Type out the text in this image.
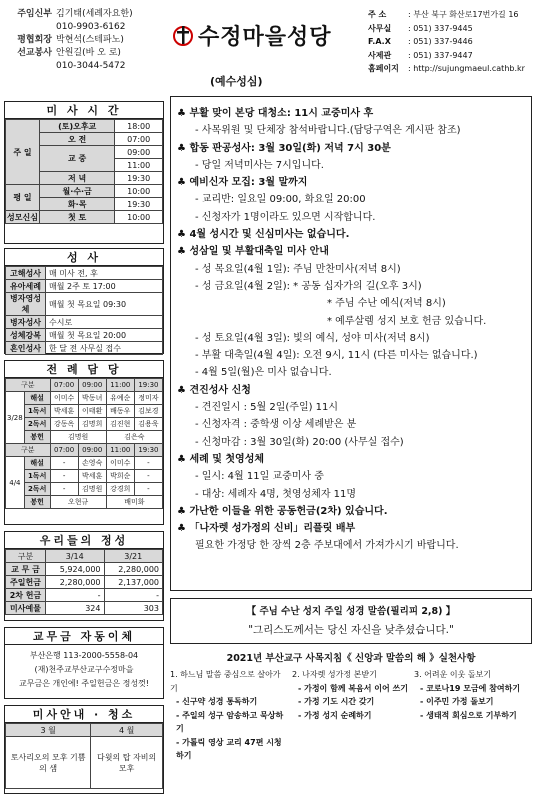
주임신부 김기태(세례자요한)
010-9903-6162
평협회장 박현석(스테파노)
선교봉사 안원길(바 오 로)
010-3044-5472
수정마을성당
(예수성심)
주 소	: 부산 북구 화산로17번가길 16
사무실	: 051) 337-9445
F.A.X	: 051) 337-9446
사제관	: 051) 337-9447
홈페이지	: http://sujungmaeul.cathb.kr
미 사 시 간
주 일	(토)오후교	18:00
	오 전	07:00
	교 중	09:00
		11:00
	저 녁	19:30
평 일	월·수·금	10:00
	화·목	19:30
성모신심	첫 토	10:00
성 사
고해성사	매 미사 전, 후
유아세례	매월 2주 토 17:00
병자영성체	매월 첫 목요일 09:30
병자성사	수시로
성체강복	매월 첫 목요일 20:00
혼인성사	한 달 전 사무실 접수
전 례 담 당
구분		07:00	09:00	11:00	19:30
3/28	해설	이미수	박동녀	유예순	정미자
	1독서	박세훈	이태환	배동우	김보경
	2독서	강동옥	김명희	김진현	김용욱
	봉헌	김명원		김은숙	
구분		07:00	09:00	11:00	19:30
4/4	해설	-	손영숙	이미수	-
	1독서	-	박세훈	박희순	-
	2독서	-	김명원	강경희	-
	봉헌	오현규		배미화	
우리들의 정성
구분	3/14	3/21
교 무 금	5,924,000	2,280,000
주일헌금	2,280,000	2,137,000
2차 헌금	-	-
미사예물	324	303
교무금 자동이체
부산은행 113-2000-5558-04
(재)천주교부산교구수정마을
교무금은 개인에! 주일헌금은 정성껏!
미사안내 · 청소
3 월	4 월
토사리오의 모후 기쁨의 샘	다윗의 탑 자비의 모후
♣ 부활 맞이 본당 대청소: 11시 교중미사 후
- 사목위원 및 단체장 참석바랍니다.(담당구역은 게시판 참조)
♣ 합동 판공성사: 3월 30일(화) 저녁 7시 30분
- 당일 저녁미사는 7시입니다.
♣ 예비신자 모집: 3월 말까지
- 교리반: 일요일 09:00, 화요일 20:00
- 신청자가 1명이라도 있으면 시작합니다.
♣ 4월 성시간 및 신심미사는 없습니다.
♣ 성삼일 및 부활대축일 미사 안내
- 성 목요일(4월 1일): 주님 만찬미사(저녁 8시)
- 성 금요일(4월 2일): * 공동 십자가의 길(오후 3시)
* 주님 수난 예식(저녁 8시)
* 예루살렘 성지 보호 헌금 있습니다.
- 성 토요일(4월 3일): 빛의 예식, 성야 미사(저녁 8시)
- 부활 대축일(4월 4일): 오전 9시, 11시 (다른 미사는 없습니다.)
- 4월 5일(월)은 미사 없습니다.
♣ 견진성사 신청
- 견진일시 : 5월 2일(주일) 11시
- 신청자격 : 중학생 이상 세례받은 분
- 신청마감 : 3월 30일(화) 20:00 (사무실 접수)
♣ 세례 및 첫영성체
- 일시: 4월 11일 교중미사 중
- 대상: 세례자 4명, 첫영성체자 11명
♣ 가난한 이들을 위한 공동헌금(2차) 있습니다.
♣ 「나자렛 성가정의 신비」리플릿 배부
필요한 가정당 한 장씩 2층 주보대에서 가져가시기 바랍니다.
【 주님 수난 성지 주일 성경 말씀(필리피 2,8) 】
"그리스도께서는 당신 자신을 낮추셨습니다."
2021년 부산교구 사목지침《 신앙과 말씀의 해 》실천사항
1. 하느님 말씀 중심으로 살아가기
- 신구약 성경 통독하기
- 주일의 성구 암송하고 묵상하기
- 가톨릭 영상 교리 47편 시청하기
2. 나자렛 성가정 본받기
- 가정이 함께 복음서 이어 쓰기
- 가정 기도 시간 갖기
- 가정 성지 순례하기
3. 어려운 이웃 돌보기
- 코로나19 모금에 참여하기
- 이주민 가정 돌보기
- 생태적 회심으로 기부하기
